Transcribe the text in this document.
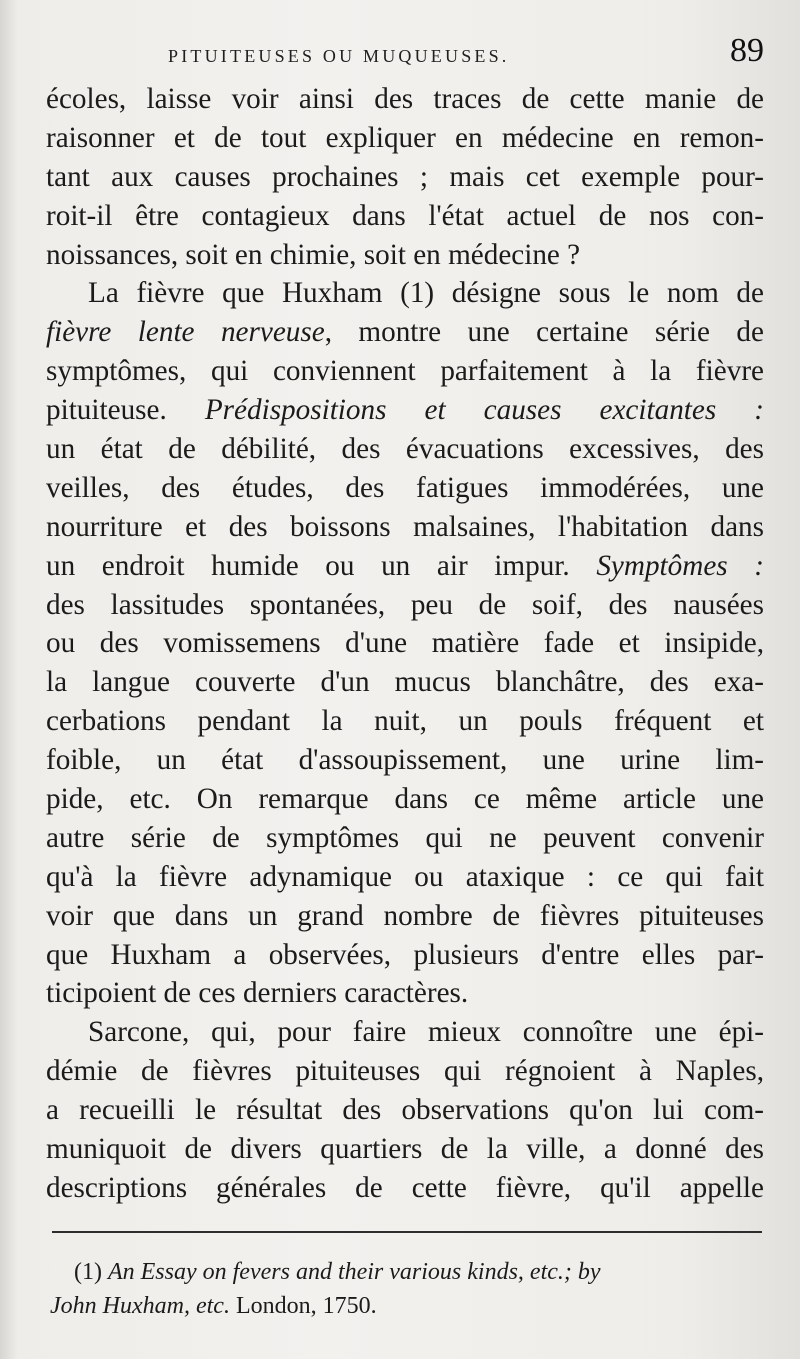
PITUITEUSES OU MUQUEUSES.	89
écoles, laisse voir ainsi des traces de cette manie de
raisonner et de tout expliquer en médecine en remon-
tant aux causes prochaines ; mais cet exemple pour-
roit-il être contagieux dans l'état actuel de nos con-
noissances, soit en chimie, soit en médecine ?
La fièvre que Huxham (1) désigne sous le nom de
fièvre lente nerveuse, montre une certaine série de
symptômes, qui conviennent parfaitement à la fièvre
pituiteuse. Prédispositions et causes excitantes :
un état de débilité, des évacuations excessives, des
veilles, des études, des fatigues immodérées, une
nourriture et des boissons malsaines, l'habitation dans
un endroit humide ou un air impur. Symptômes :
des lassitudes spontanées, peu de soif, des nausées
ou des vomissemens d'une matière fade et insipide,
la langue couverte d'un mucus blanchâtre, des exa-
cerbations pendant la nuit, un pouls fréquent et
foible, un état d'assoupissement, une urine lim-
pide, etc. On remarque dans ce même article une
autre série de symptômes qui ne peuvent convenir
qu'à la fièvre adynamique ou ataxique : ce qui fait
voir que dans un grand nombre de fièvres pituiteuses
que Huxham a observées, plusieurs d'entre elles par-
ticipoient de ces derniers caractères.
Sarcone, qui, pour faire mieux connoître une épi-
démie de fièvres pituiteuses qui régnoient à Naples,
a recueilli le résultat des observations qu'on lui com-
muniquoit de divers quartiers de la ville, a donné des
descriptions générales de cette fièvre, qu'il appelle
(1) An Essay on fevers and their various kinds, etc.; by
John Huxham, etc. London, 1750.
